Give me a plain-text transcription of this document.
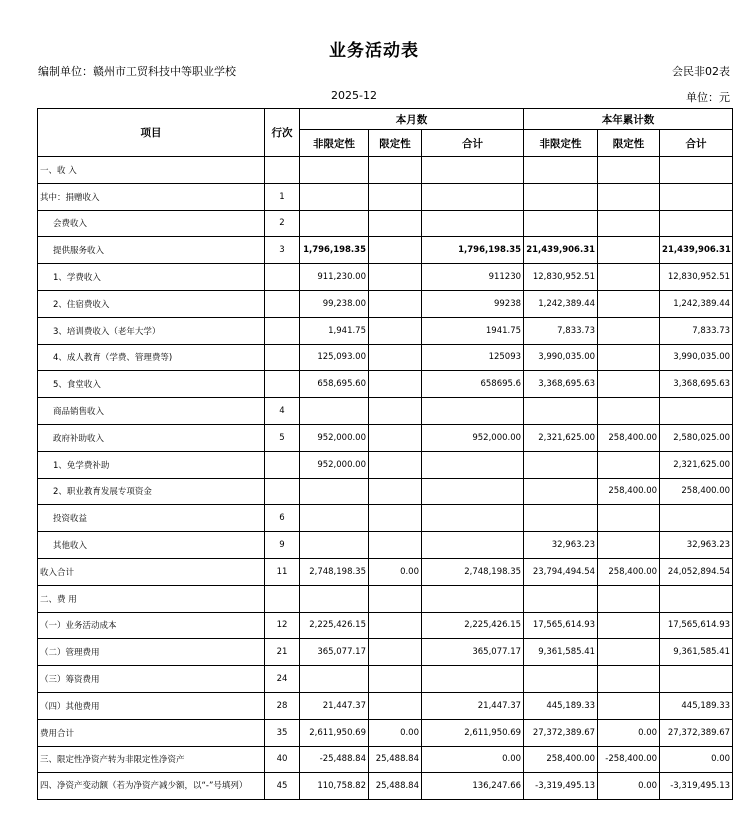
业务活动表
编制单位：赣州市工贸科技中等职业学校	会民非02表
2025-12	单位：元
项目	行次	本月数			本年累计数		
		非限定性	限定性	合计	非限定性	限定性	合计
一、收 入							
其中：捐赠收入	1						
会费收入	2						
提供服务收入	3	1,796,198.35		1,796,198.35	21,439,906.31		21,439,906.31
1、学费收入		911,230.00		911230	12,830,952.51		12,830,952.51
2、住宿费收入		99,238.00		99238	1,242,389.44		1,242,389.44
3、培训费收入（老年大学）		1,941.75		1941.75	7,833.73		7,833.73
4、成人教育（学费、管理费等)		125,093.00		125093	3,990,035.00		3,990,035.00
5、食堂收入		658,695.60		658695.6	3,368,695.63		3,368,695.63
商品销售收入	4						
政府补助收入	5	952,000.00		952,000.00	2,321,625.00	258,400.00	2,580,025.00
1、免学费补助		952,000.00					2,321,625.00
2、职业教育发展专项资金						258,400.00	258,400.00
投资收益	6						
其他收入	9				32,963.23		32,963.23
收入合计	11	2,748,198.35	0.00	2,748,198.35	23,794,494.54	258,400.00	24,052,894.54
二、费 用							
（一）业务活动成本	12	2,225,426.15		2,225,426.15	17,565,614.93		17,565,614.93
（二）管理费用	21	365,077.17		365,077.17	9,361,585.41		9,361,585.41
（三）筹资费用	24						
（四）其他费用	28	21,447.37		21,447.37	445,189.33		445,189.33
费用合计	35	2,611,950.69	0.00	2,611,950.69	27,372,389.67	0.00	27,372,389.67
三、限定性净资产转为非限定性净资产	40	-25,488.84	25,488.84	0.00	258,400.00	-258,400.00	0.00
四、净资产变动额（若为净资产减少额，以“-”号填列）	45	110,758.82	25,488.84	136,247.66	-3,319,495.13	0.00	-3,319,495.13
